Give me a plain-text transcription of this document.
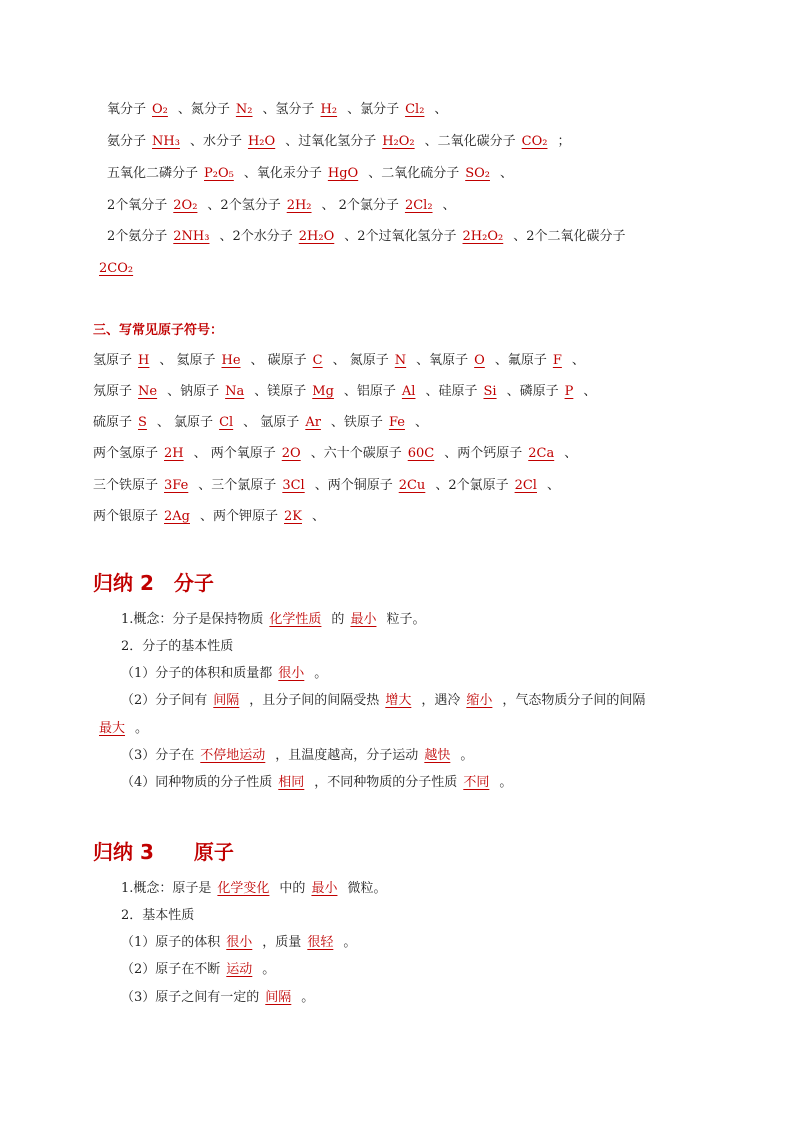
氧分子 O₂ 、氮分子 N₂ 、氢分子 H₂ 、氯分子 Cl₂ 、
氨分子 NH₃ 、水分子 H₂O 、过氧化氢分子 H₂O₂ 、二氧化碳分子 CO₂ ；
五氧化二磷分子 P₂O₅ 、氧化汞分子 HgO 、二氧化硫分子 SO₂ 、
2个氧分子 2O₂ 、2个氢分子 2H₂ 、 2个氯分子 2Cl₂ 、
2个氨分子 2NH₃ 、2个水分子 2H₂O 、2个过氧化氢分子 2H₂O₂ 、2个二氧化碳分子
2CO₂
三、写常见原子符号：
氢原子 H 、 氦原子 He 、 碳原子 C 、 氮原子 N 、氧原子 O 、氟原子 F 、
氖原子 Ne 、钠原子 Na 、镁原子 Mg 、铝原子 Al 、硅原子 Si 、磷原子 P 、
硫原子 S 、 氯原子 Cl 、 氩原子 Ar 、铁原子 Fe 、
两个氢原子 2H 、 两个氧原子 2O 、六十个碳原子 60C 、两个钙原子 2Ca 、
三个铁原子 3Fe 、三个氯原子 3Cl 、两个铜原子 2Cu 、2个氯原子 2Cl 、
两个银原子 2Ag 、两个钾原子 2K 、
归纳 2　分子
1.概念：分子是保持物质 化学性质 的 最小 粒子。
2．分子的基本性质
（1）分子的体积和质量都 很小 。
（2）分子间有 间隔 ，且分子间的间隔受热 增大 ，遇冷 缩小 ，气态物质分子间的间隔
最大 。
（3）分子在 不停地运动 ，且温度越高，分子运动 越快 。
（4）同种物质的分子性质 相同 ，不同种物质的分子性质 不同 。
归纳 3　　原子
1.概念：原子是 化学变化 中的 最小 微粒。
2．基本性质
（1）原子的体积 很小 ，质量 很轻 。
（2）原子在不断 运动 。
（3）原子之间有一定的 间隔 。
